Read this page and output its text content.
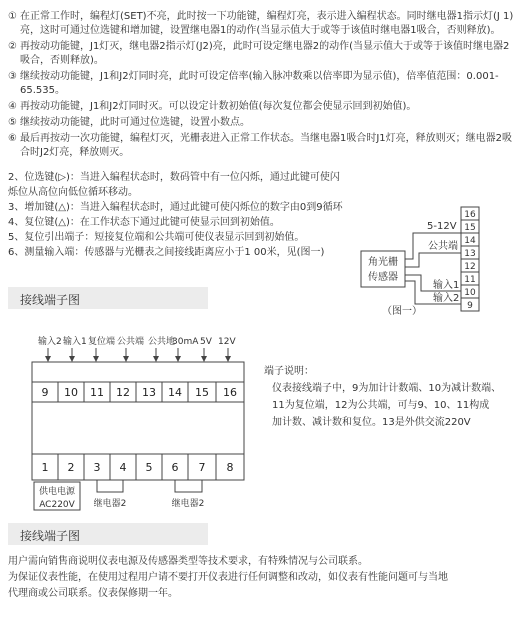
① 在正常工作时，编程灯(SET)不亮，此时按一下功能键，编程灯亮，表示进入编程状态。同时继电器1指示灯(J 1)亮，这时可通过位选键和增加键，设置继电器1的动作(当显示值大于或等于该值时继电器1吸合，否则释放)。
② 再按动功能键，J1灯灭，继电器2指示灯(J2)亮，此时可设定继电器2的动作(当显示值大于或等于该值时继电器2吸合，否则释放)。
③ 继续按动功能键，J1和J2灯同时亮，此时可设定倍率(输入脉冲数乘以倍率即为显示值)，倍率值范围：0.001-65.535。
④ 再按动功能键，J1和J2灯同时灭。可以设定计数初始值(每次复位都会使显示回到初始值)。
⑤ 继续按动功能键，此时可通过位选键，设置小数点。
⑥ 最后再按动一次功能键，编程灯灭，光栅表进入正常工作状态。当继电器1吸合时J1灯亮，释放则灭；继电器2吸合时J2灯亮，释放则灭。
2、位选键(▷)：当进入编程状态时，数码管中有一位闪烁，通过此键可使闪烁位从高位向低位循环移动。
3、增加键(△)：当进入编程状态时，通过此键可使闪烁位的数字由0到9循环
4、复位键(△)：在工作状态下通过此键可使显示回到初始值。
5、复位引出端子：短接复位端和公共端可使仪表显示回到初始值。
6、测量输入端：传感器与光栅表之间接线距离应小于1 00米，见(图一)
角光栅
传感器
16
15
14
13
12
11
10
9
5-12V
公共端
输入1
输入2
（图一）
接线端子图
输入2 输入1 复位端 公共端 公共地
30mA 5V 12V
9 10 11 12 13 14 15 16
1 2 3 4 5 6 7 8
供电电源
AC220V 继电器2	继电器2
端子说明：
仪表接线端子中，9为加计计数端、10为减计数端、
11为复位端，12为公共端，可与9、10、11构成
加计数、减计数和复位。13是外供交流220V
接线端子图
用户需向销售商说明仪表电源及传感器类型等技术要求，有特殊情况与公司联系。
为保证仪表性能，在使用过程用户请不要打开仪表进行任何调整和改动，如仪表有性能问题可与当地
代理商或公司联系。仪表保修期一年。
